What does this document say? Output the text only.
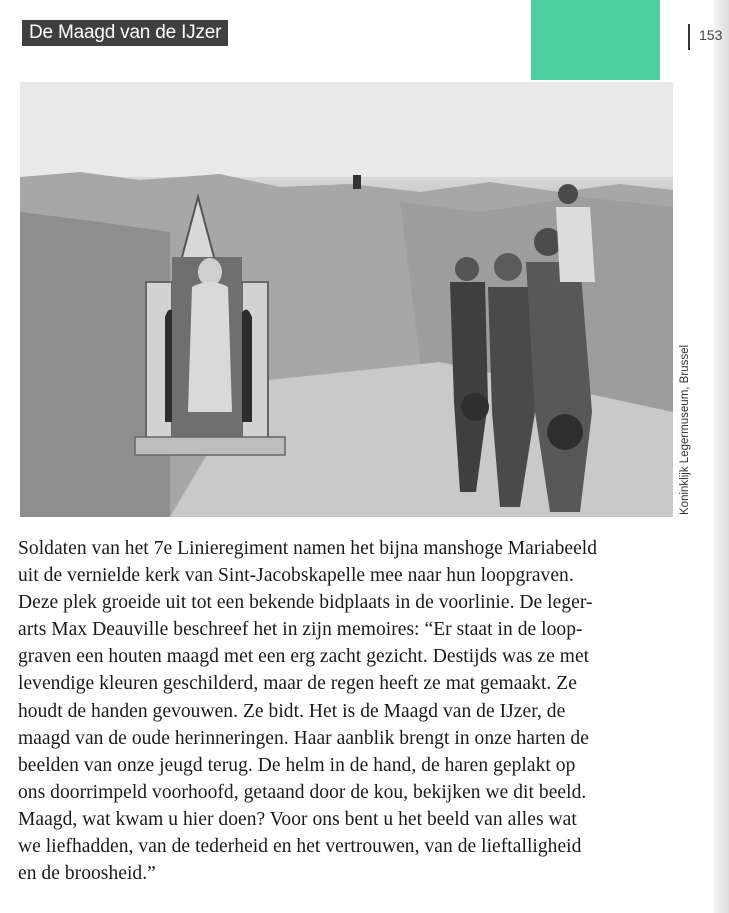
De Maagd van de IJzer	153
Koninklijk Legermuseum, Brussel

Soldaten van het 7e Linieregiment namen het bijna manshoge Mariabeeld
uit de vernielde kerk van Sint-Jacobskapelle mee naar hun loopgraven.
Deze plek groeide uit tot een bekende bidplaats in de voorlinie. De leger-
arts Max Deauville beschreef het in zijn memoires: “Er staat in de loop-
graven een houten maagd met een erg zacht gezicht. Destijds was ze met
levendige kleuren geschilderd, maar de regen heeft ze mat gemaakt. Ze
houdt de handen gevouwen. Ze bidt. Het is de Maagd van de IJzer, de
maagd van de oude herinneringen. Haar aanblik brengt in onze harten de
beelden van onze jeugd terug. De helm in de hand, de haren geplakt op
ons doorrimpeld voorhoofd, getaand door de kou, bekijken we dit beeld.
Maagd, wat kwam u hier doen? Voor ons bent u het beeld van alles wat
we liefhadden, van de tederheid en het vertrouwen, van de lieftalligheid
en de broosheid.”
